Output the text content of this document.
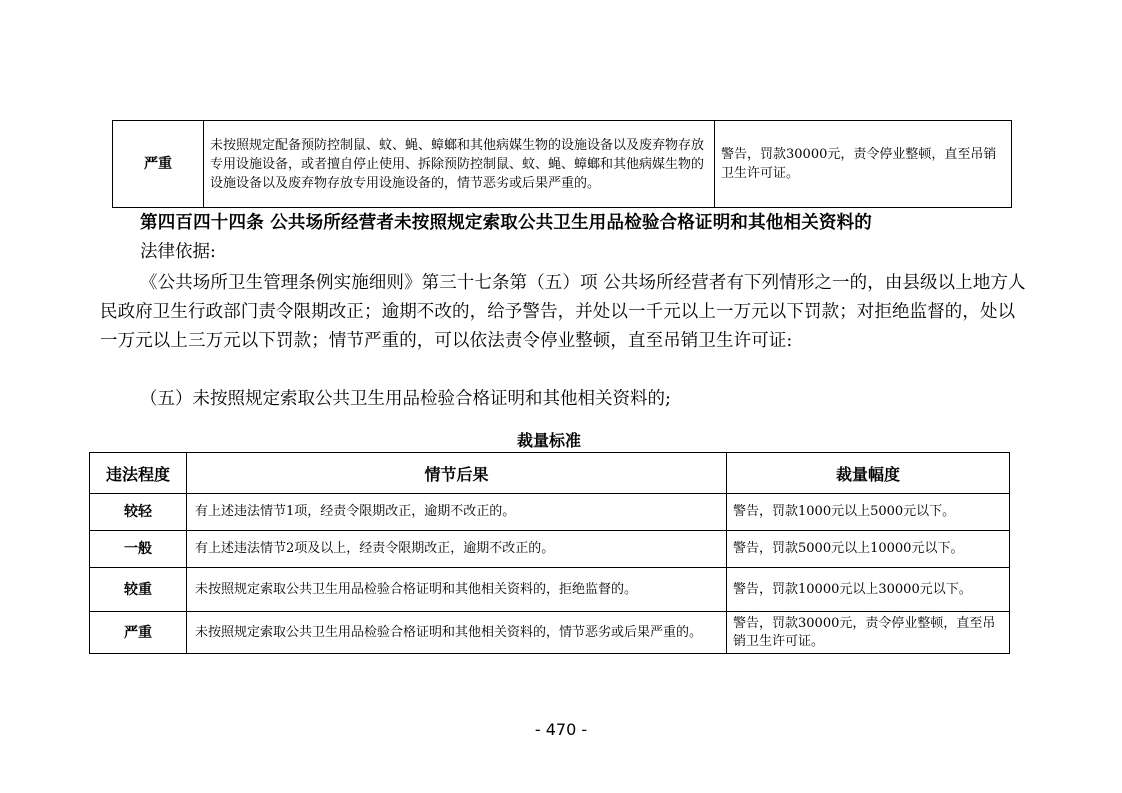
严重	未按照规定配备预防控制鼠、蚊、蝇、蟑螂和其他病媒生物的设施设备以及废弃物存放专用设施设备，或者擅自停止使用、拆除预防控制鼠、蚊、蝇、蟑螂和其他病媒生物的设施设备以及废弃物存放专用设施设备的，情节恶劣或后果严重的。	警告，罚款30000元，责令停业整顿，直至吊销卫生许可证。
第四百四十四条 公共场所经营者未按照规定索取公共卫生用品检验合格证明和其他相关资料的
法律依据:
《公共场所卫生管理条例实施细则》第三十七条第（五）项 公共场所经营者有下列情形之一的，由县级以上地方人民政府卫生行政部门责令限期改正；逾期不改的，给予警告，并处以一千元以上一万元以下罚款；对拒绝监督的，处以一万元以上三万元以下罚款；情节严重的，可以依法责令停业整顿，直至吊销卫生许可证:
（五）未按照规定索取公共卫生用品检验合格证明和其他相关资料的;
裁量标准
违法程度	情节后果	裁量幅度
较轻	有上述违法情节1项，经责令限期改正，逾期不改正的。	警告，罚款1000元以上5000元以下。
一般	有上述违法情节2项及以上，经责令限期改正，逾期不改正的。	警告，罚款5000元以上10000元以下。
较重	未按照规定索取公共卫生用品检验合格证明和其他相关资料的，拒绝监督的。	警告，罚款10000元以上30000元以下。
严重	未按照规定索取公共卫生用品检验合格证明和其他相关资料的，情节恶劣或后果严重的。	警告，罚款30000元，责令停业整顿，直至吊销卫生许可证。
- 470 -
